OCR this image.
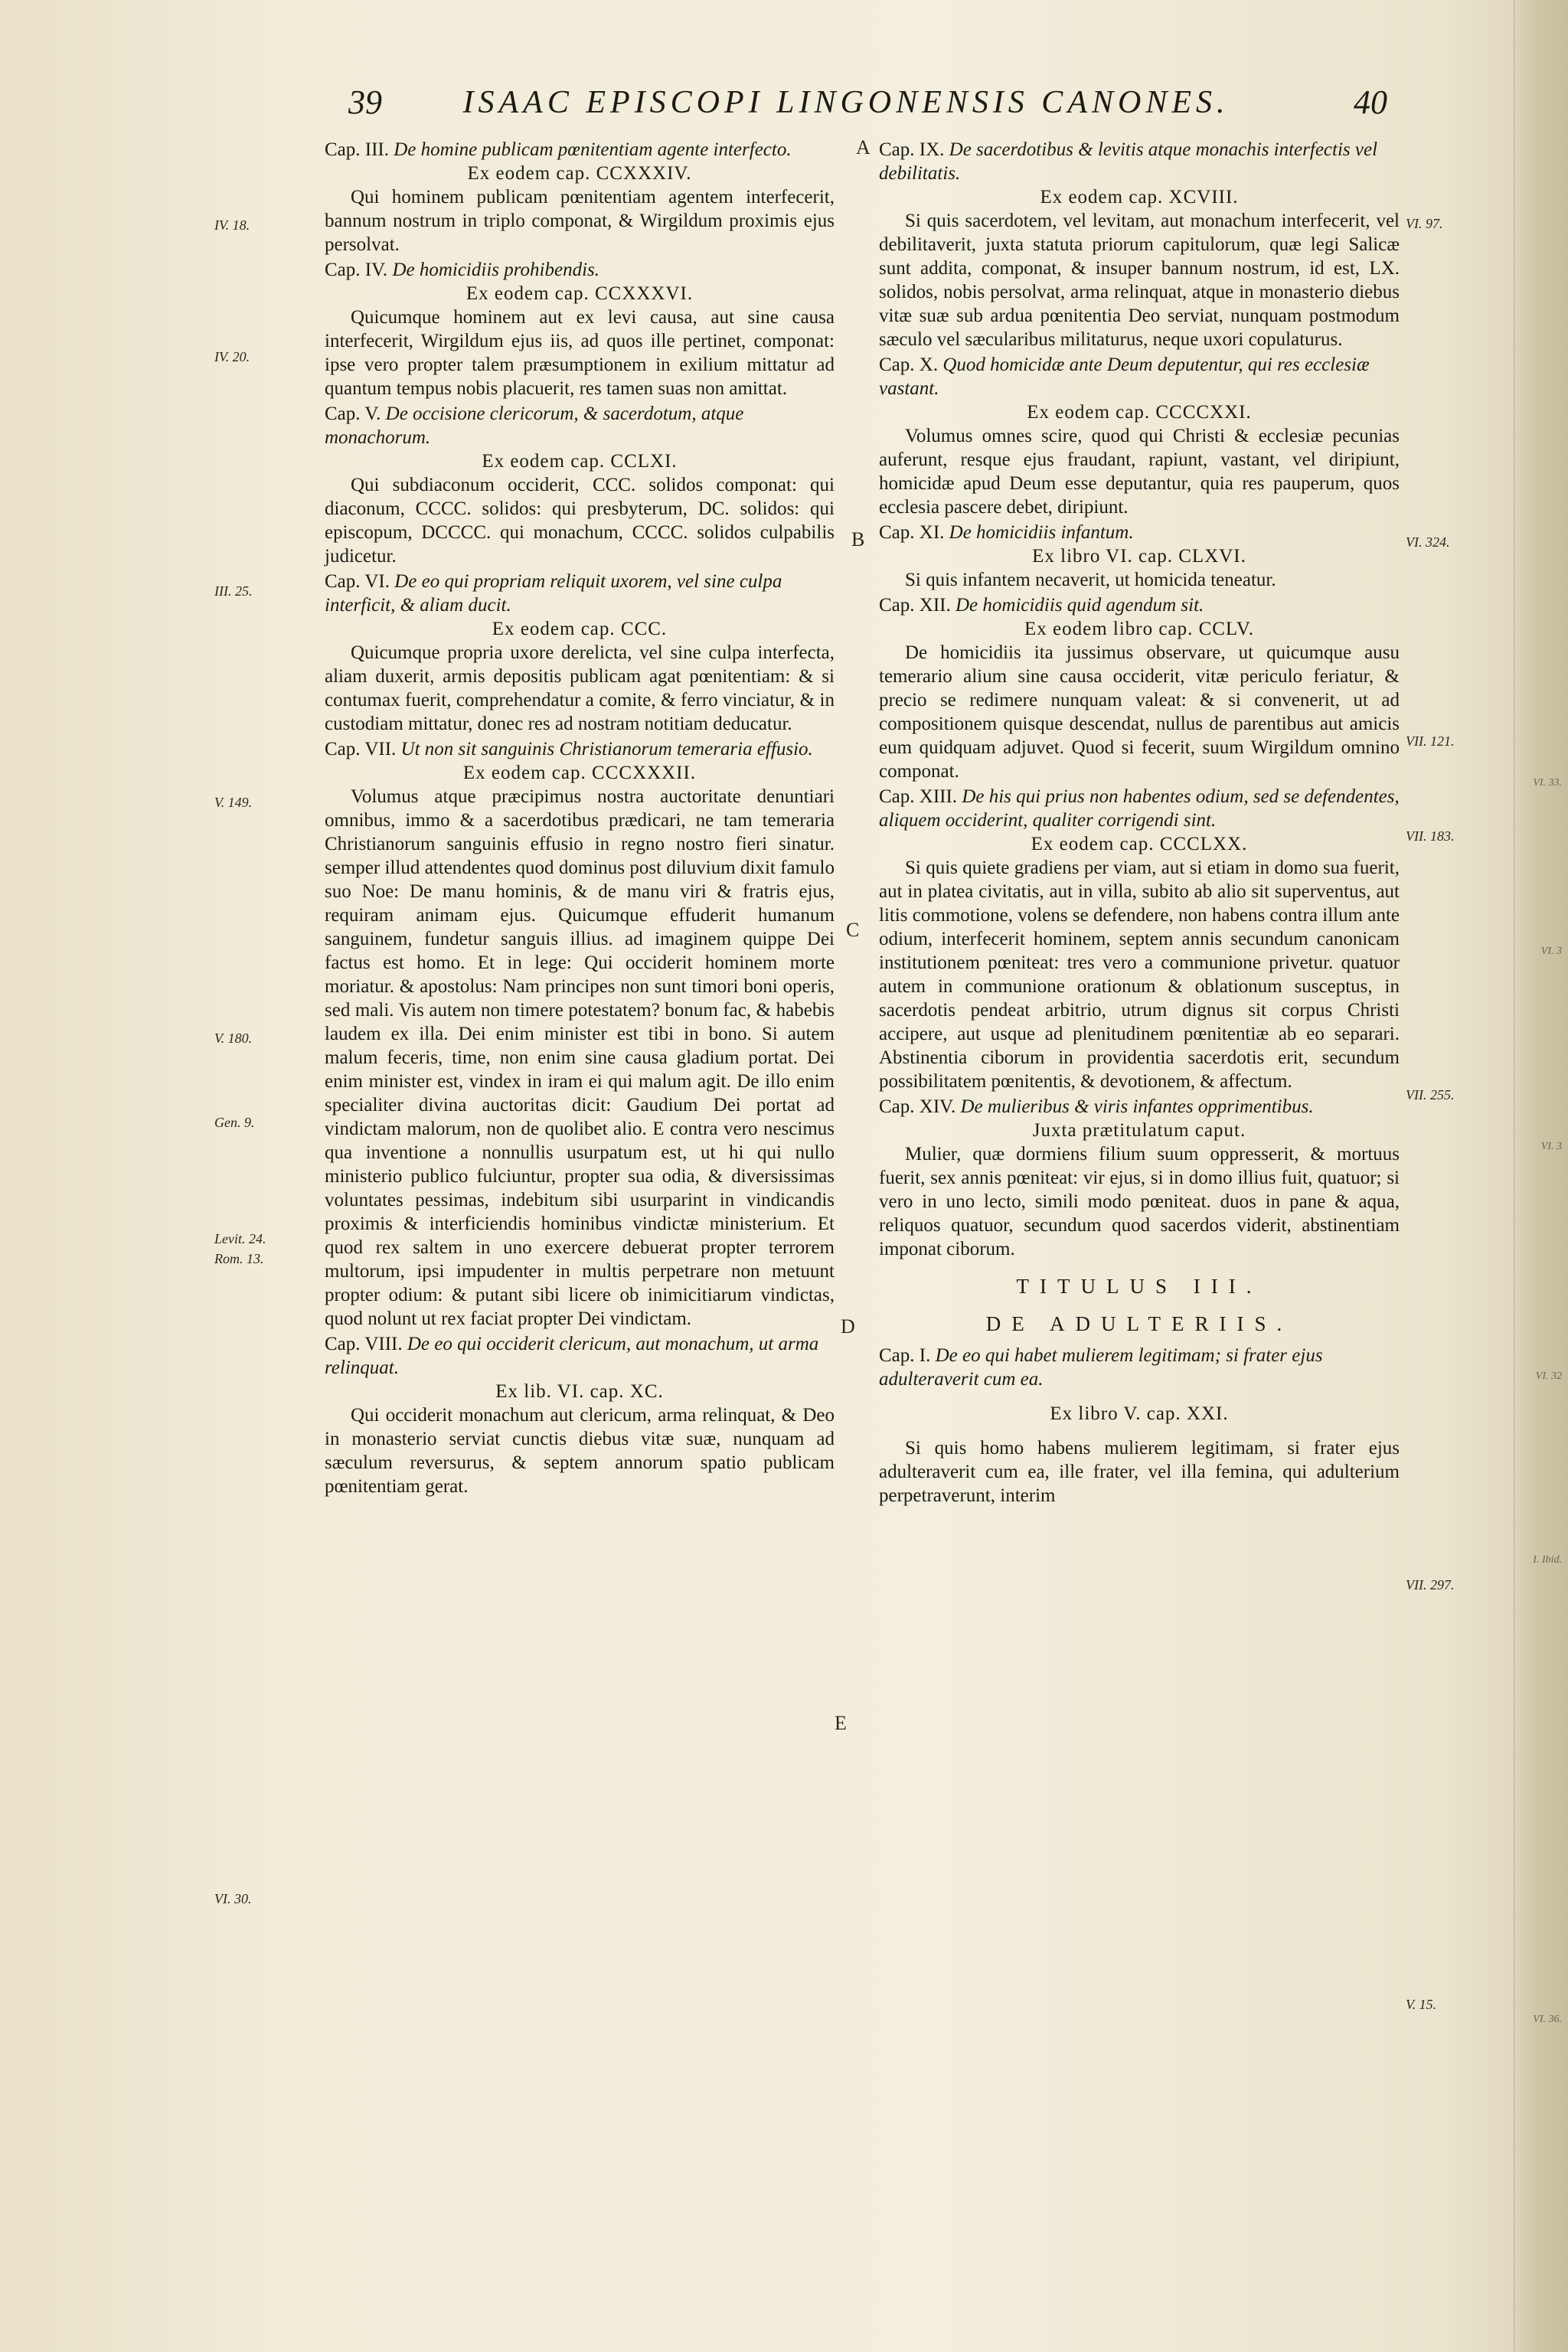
VI. 33.
VI. 3
VI. 3
VI. 32
I. Ibid.
VI. 36.
39	ISAAC EPISCOPI LINGONENSIS CANONES.	40
IV. 18.
IV. 20.
III. 25.
V. 149.
V. 180.
Gen. 9.
Levit. 24.
Rom. 13.
VI. 30.
A
B
C
D
E
VI. 97.
VI. 324.
VII. 121.
VII. 183.
VII. 255.
VII. 297.
V. 15.
Cap. III. De homine publicam pœnitentiam agente interfecto.
Ex eodem cap. CCXXXIV.
Qui hominem publicam pœnitentiam agentem interfecerit, bannum nostrum in triplo componat, & Wirgildum proximis ejus persolvat.
Cap. IV. De homicidiis prohibendis.
Ex eodem cap. CCXXXVI.
Quicumque hominem aut ex levi causa, aut sine causa interfecerit, Wirgildum ejus iis, ad quos ille pertinet, componat: ipse vero propter talem præsumptionem in exilium mittatur ad quantum tempus nobis placuerit, res tamen suas non amittat.
Cap. V. De occisione clericorum, & sacerdotum, atque monachorum.
Ex eodem cap. CCLXI.
Qui subdiaconum occiderit, CCC. solidos componat: qui diaconum, CCCC. solidos: qui presbyterum, DC. solidos: qui episcopum, DCCCC. qui monachum, CCCC. solidos culpabilis judicetur.
Cap. VI. De eo qui propriam reliquit uxorem, vel sine culpa interficit, & aliam ducit.
Ex eodem cap. CCC.
Quicumque propria uxore derelicta, vel sine culpa interfecta, aliam duxerit, armis depositis publicam agat pœnitentiam: & si contumax fuerit, comprehendatur a comite, & ferro vinciatur, & in custodiam mittatur, donec res ad nostram notitiam deducatur.
Cap. VII. Ut non sit sanguinis Christianorum temeraria effusio.
Ex eodem cap. CCCXXXII.
Volumus atque præcipimus nostra auctoritate denuntiari omnibus, immo & a sacerdotibus prædicari, ne tam temeraria Christianorum sanguinis effusio in regno nostro fieri sinatur. semper illud attendentes quod dominus post diluvium dixit famulo suo Noe: De manu hominis, & de manu viri & fratris ejus, requiram animam ejus. Quicumque effuderit humanum sanguinem, fundetur sanguis illius. ad imaginem quippe Dei factus est homo. Et in lege: Qui occiderit hominem morte moriatur. & apostolus: Nam principes non sunt timori boni operis, sed mali. Vis autem non timere potestatem? bonum fac, & habebis laudem ex illa. Dei enim minister est tibi in bono. Si autem malum feceris, time, non enim sine causa gladium portat. Dei enim minister est, vindex in iram ei qui malum agit. De illo enim specialiter divina auctoritas dicit: Gaudium Dei portat ad vindictam malorum, non de quolibet alio. E contra vero nescimus qua inventione a nonnullis usurpatum est, ut hi qui nullo ministerio publico fulciuntur, propter sua odia, & diversissimas voluntates pessimas, indebitum sibi usurparint in vindicandis proximis & interficiendis hominibus vindictæ ministerium. Et quod rex saltem in uno exercere debuerat propter terrorem multorum, ipsi impudenter in multis perpetrare non metuunt propter odium: & putant sibi licere ob inimicitiarum vindictas, quod nolunt ut rex faciat propter Dei vindictam.
Cap. VIII. De eo qui occiderit clericum, aut monachum, ut arma relinquat.
Ex lib. VI. cap. XC.
Qui occiderit monachum aut clericum, arma relinquat, & Deo in monasterio serviat cunctis diebus vitæ suæ, nunquam ad sæculum reversurus, & septem annorum spatio publicam pœnitentiam gerat.
Cap. IX. De sacerdotibus & levitis atque monachis interfectis vel debilitatis.
Ex eodem cap. XCVIII.
Si quis sacerdotem, vel levitam, aut monachum interfecerit, vel debilitaverit, juxta statuta priorum capitulorum, quæ legi Salicæ sunt addita, componat, & insuper bannum nostrum, id est, LX. solidos, nobis persolvat, arma relinquat, atque in monasterio diebus vitæ suæ sub ardua pœnitentia Deo serviat, nunquam postmodum sæculo vel sæcularibus militaturus, neque uxori copulaturus.
Cap. X. Quod homicidæ ante Deum deputentur, qui res ecclesiæ vastant.
Ex eodem cap. CCCCXXI.
Volumus omnes scire, quod qui Christi & ecclesiæ pecunias auferunt, resque ejus fraudant, rapiunt, vastant, vel diripiunt, homicidæ apud Deum esse deputantur, quia res pauperum, quos ecclesia pascere debet, diripiunt.
Cap. XI. De homicidiis infantum.
Ex libro VI. cap. CLXVI.
Si quis infantem necaverit, ut homicida teneatur.
Cap. XII. De homicidiis quid agendum sit.
Ex eodem libro cap. CCLV.
De homicidiis ita jussimus observare, ut quicumque ausu temerario alium sine causa occiderit, vitæ periculo feriatur, & precio se redimere nunquam valeat: & si convenerit, ut ad compositionem quisque descendat, nullus de parentibus aut amicis eum quidquam adjuvet. Quod si fecerit, suum Wirgildum omnino componat.
Cap. XIII. De his qui prius non habentes odium, sed se defendentes, aliquem occiderint, qualiter corrigendi sint.
Ex eodem cap. CCCLXX.
Si quis quiete gradiens per viam, aut si etiam in domo sua fuerit, aut in platea civitatis, aut in villa, subito ab alio sit superventus, aut litis commotione, volens se defendere, non habens contra illum ante odium, interfecerit hominem, septem annis secundum canonicam institutionem pœniteat: tres vero a communione privetur. quatuor autem in communione orationum & oblationum susceptus, in sacerdotis pendeat arbitrio, utrum dignus sit corpus Christi accipere, aut usque ad plenitudinem pœnitentiæ ab eo separari. Abstinentia ciborum in providentia sacerdotis erit, secundum possibilitatem pœnitentis, & devotionem, & affectum.
Cap. XIV. De mulieribus & viris infantes opprimentibus.
Juxta prætitulatum caput.
Mulier, quæ dormiens filium suum oppresserit, & mortuus fuerit, sex annis pœniteat: vir ejus, si in domo illius fuit, quatuor; si vero in uno lecto, simili modo pœniteat. duos in pane & aqua, reliquos quatuor, secundum quod sacerdos viderit, abstinentiam imponat ciborum.
TITULUS III.
DE ADULTERIIS.
Cap. I. De eo qui habet mulierem legitimam; si frater ejus adulteraverit cum ea.
Ex libro V. cap. XXI.
Si quis homo habens mulierem legitimam, si frater ejus adulteraverit cum ea, ille frater, vel illa femina, qui adulterium perpetraverunt, interim
